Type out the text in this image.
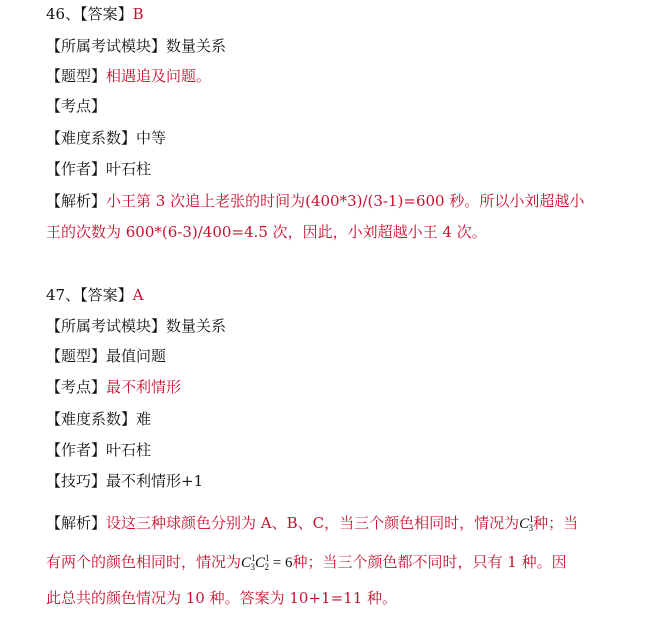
46、【答案】B
【所属考试模块】数量关系
【题型】相遇追及问题。
【考点】
【难度系数】中等
【作者】叶石柱
【解析】小王第 3 次追上老张的时间为(400*3)/(3-1)=600 秒。所以小刘超越小
王的次数为 600*(6-3)/400=4.5 次，因此，小刘超越小王 4 次。
47、【答案】A
【所属考试模块】数量关系
【题型】最值问题
【考点】最不利情形
【难度系数】难
【作者】叶石柱
【技巧】最不利情形+1
【解析】设这三种球颜色分别为 A、B、C，当三个颜色相同时，情况为$C^1_3$种；当
有两个的颜色相同时，情况为$C^1_3C^1_2 = 6$种；当三个颜色都不同时，只有 1 种。因
此总共的颜色情况为 10 种。答案为 10+1=11 种。
